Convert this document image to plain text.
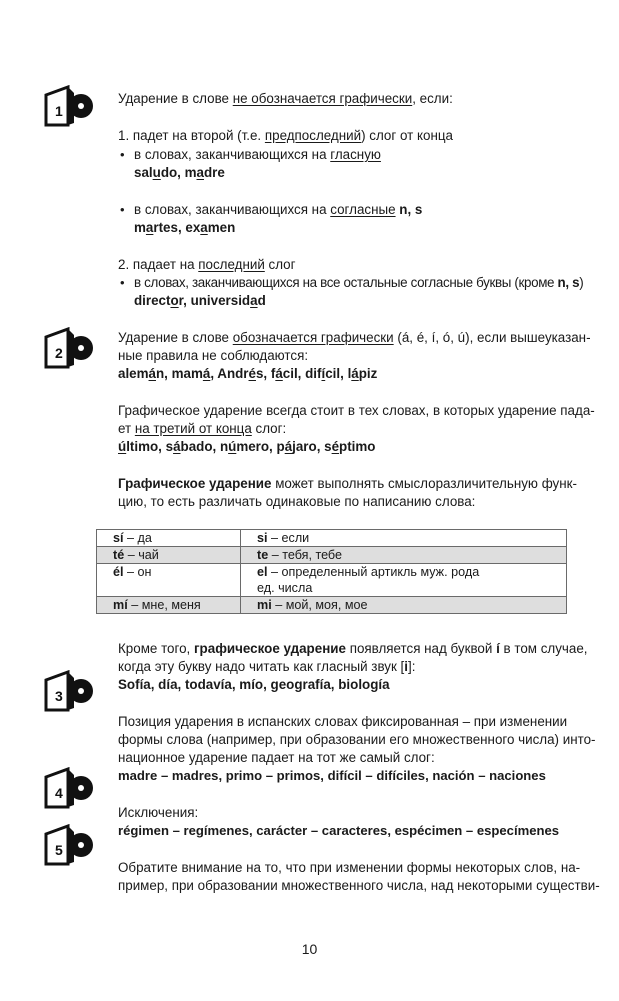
1
2
3
4
5
Ударение в слове не обозначается графически, если:
1. падет на второй (т.е. предпоследний) слог от конца
• в словах, заканчивающихся на гласную
saludo, madre
• в словах, заканчивающихся на согласные n, s
martes, examen
2. падает на последний слог
• в словах, заканчивающихся на все остальные согласные буквы (кроме n, s)
director, universidad
Ударение в слове обозначается графически (á, é, í, ó, ú), если вышеуказан-
ные правила не соблюдаются:
alemán, mamá, Andrés, fácil, difícil, lápiz
Графическое ударение всегда стоит в тех словах, в которых ударение пада-
ет на третий от конца слог:
último, sábado, número, pájaro, séptimo
Графическое ударение может выполнять смыслоразличительную функ-
цию, то есть различать одинаковые по написанию слова:
sí – да	si – если
té – чай	te – тебя, тебе
él – он	el – определенный артикль муж. рода
ед. числа
mí – мне, меня	mi – мой, моя, мое
Кроме того, графическое ударение появляется над буквой í в том случае,
когда эту букву надо читать как гласный звук [i]:
Sofía, día, todavía, mío, geografía, biología
Позиция ударения в испанских словах фиксированная – при изменении
формы слова (например, при образовании его множественного числа) инто-
национное ударение падает на тот же самый слог:
madre – madres, primo – primos, difícil – difíciles, nación – naciones
Исключения:
régimen – regímenes, carácter – caracteres, espécimen – especímenes
Обратите внимание на то, что при изменении формы некоторых слов, на-
пример, при образовании множественного числа, над некоторыми существи-
10
